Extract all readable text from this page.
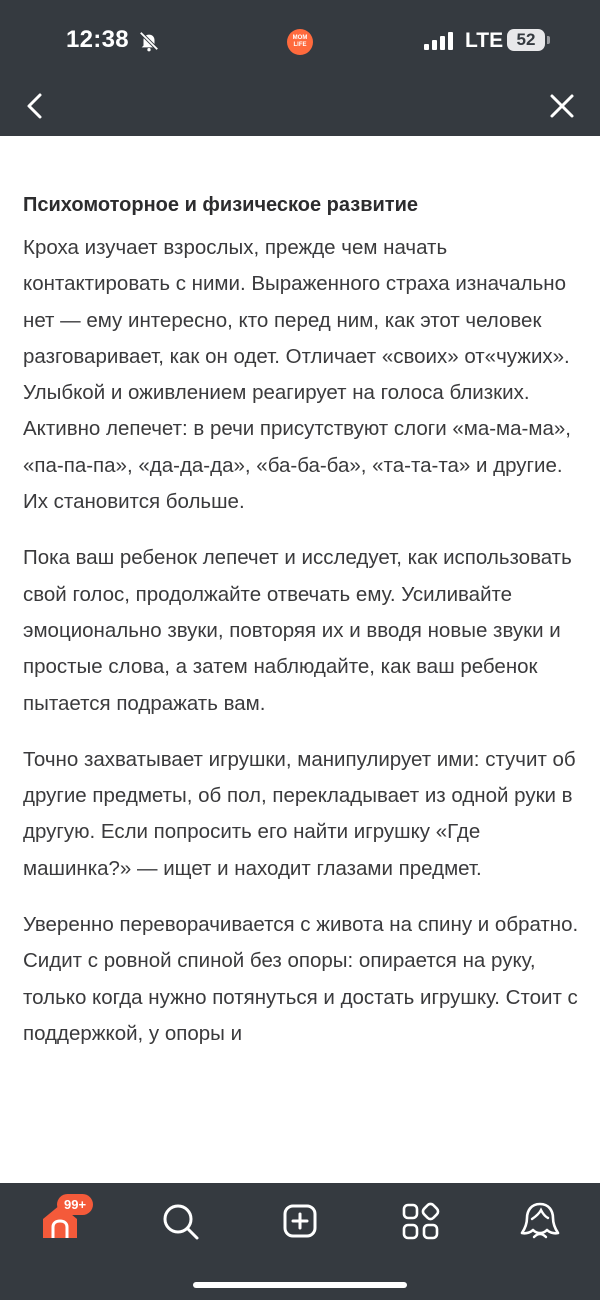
12:38	MOM
LIFE	LTE 52
Психомоторное и физическое развитие

Кроха изучает взрослых, прежде чем начать контактировать с ними. Выраженного страха изначально нет — ему интересно, кто перед ним, как этот человек разговаривает, как он одет. Отличает «своих» от«чужих». Улыбкой и оживлением реагирует на голоса близких. Активно лепечет: в речи присутствуют слоги «ма-ма-ма», «па-па-па», «да-да-да», «ба-ба-ба», «та-та-та» и другие. Их становится больше.

Пока ваш ребенок лепечет и исследует, как использовать свой голос, продолжайте отвечать ему. Усиливайте эмоционально звуки, повторяя их и вводя новые звуки и простые слова, а затем наблюдайте, как ваш ребенок пытается подражать вам.

Точно захватывает игрушки, манипулирует ими: стучит об другие предметы, об пол, перекладывает из одной руки в другую. Если попросить его найти игрушку «Где машинка?» — ищет и находит глазами предмет.

Уверенно переворачивается с живота на спину и обратно. Сидит с ровной спиной без опоры: опирается на руку, только когда нужно потянуться и достать игрушку. Стоит с поддержкой, у опоры и

99+
